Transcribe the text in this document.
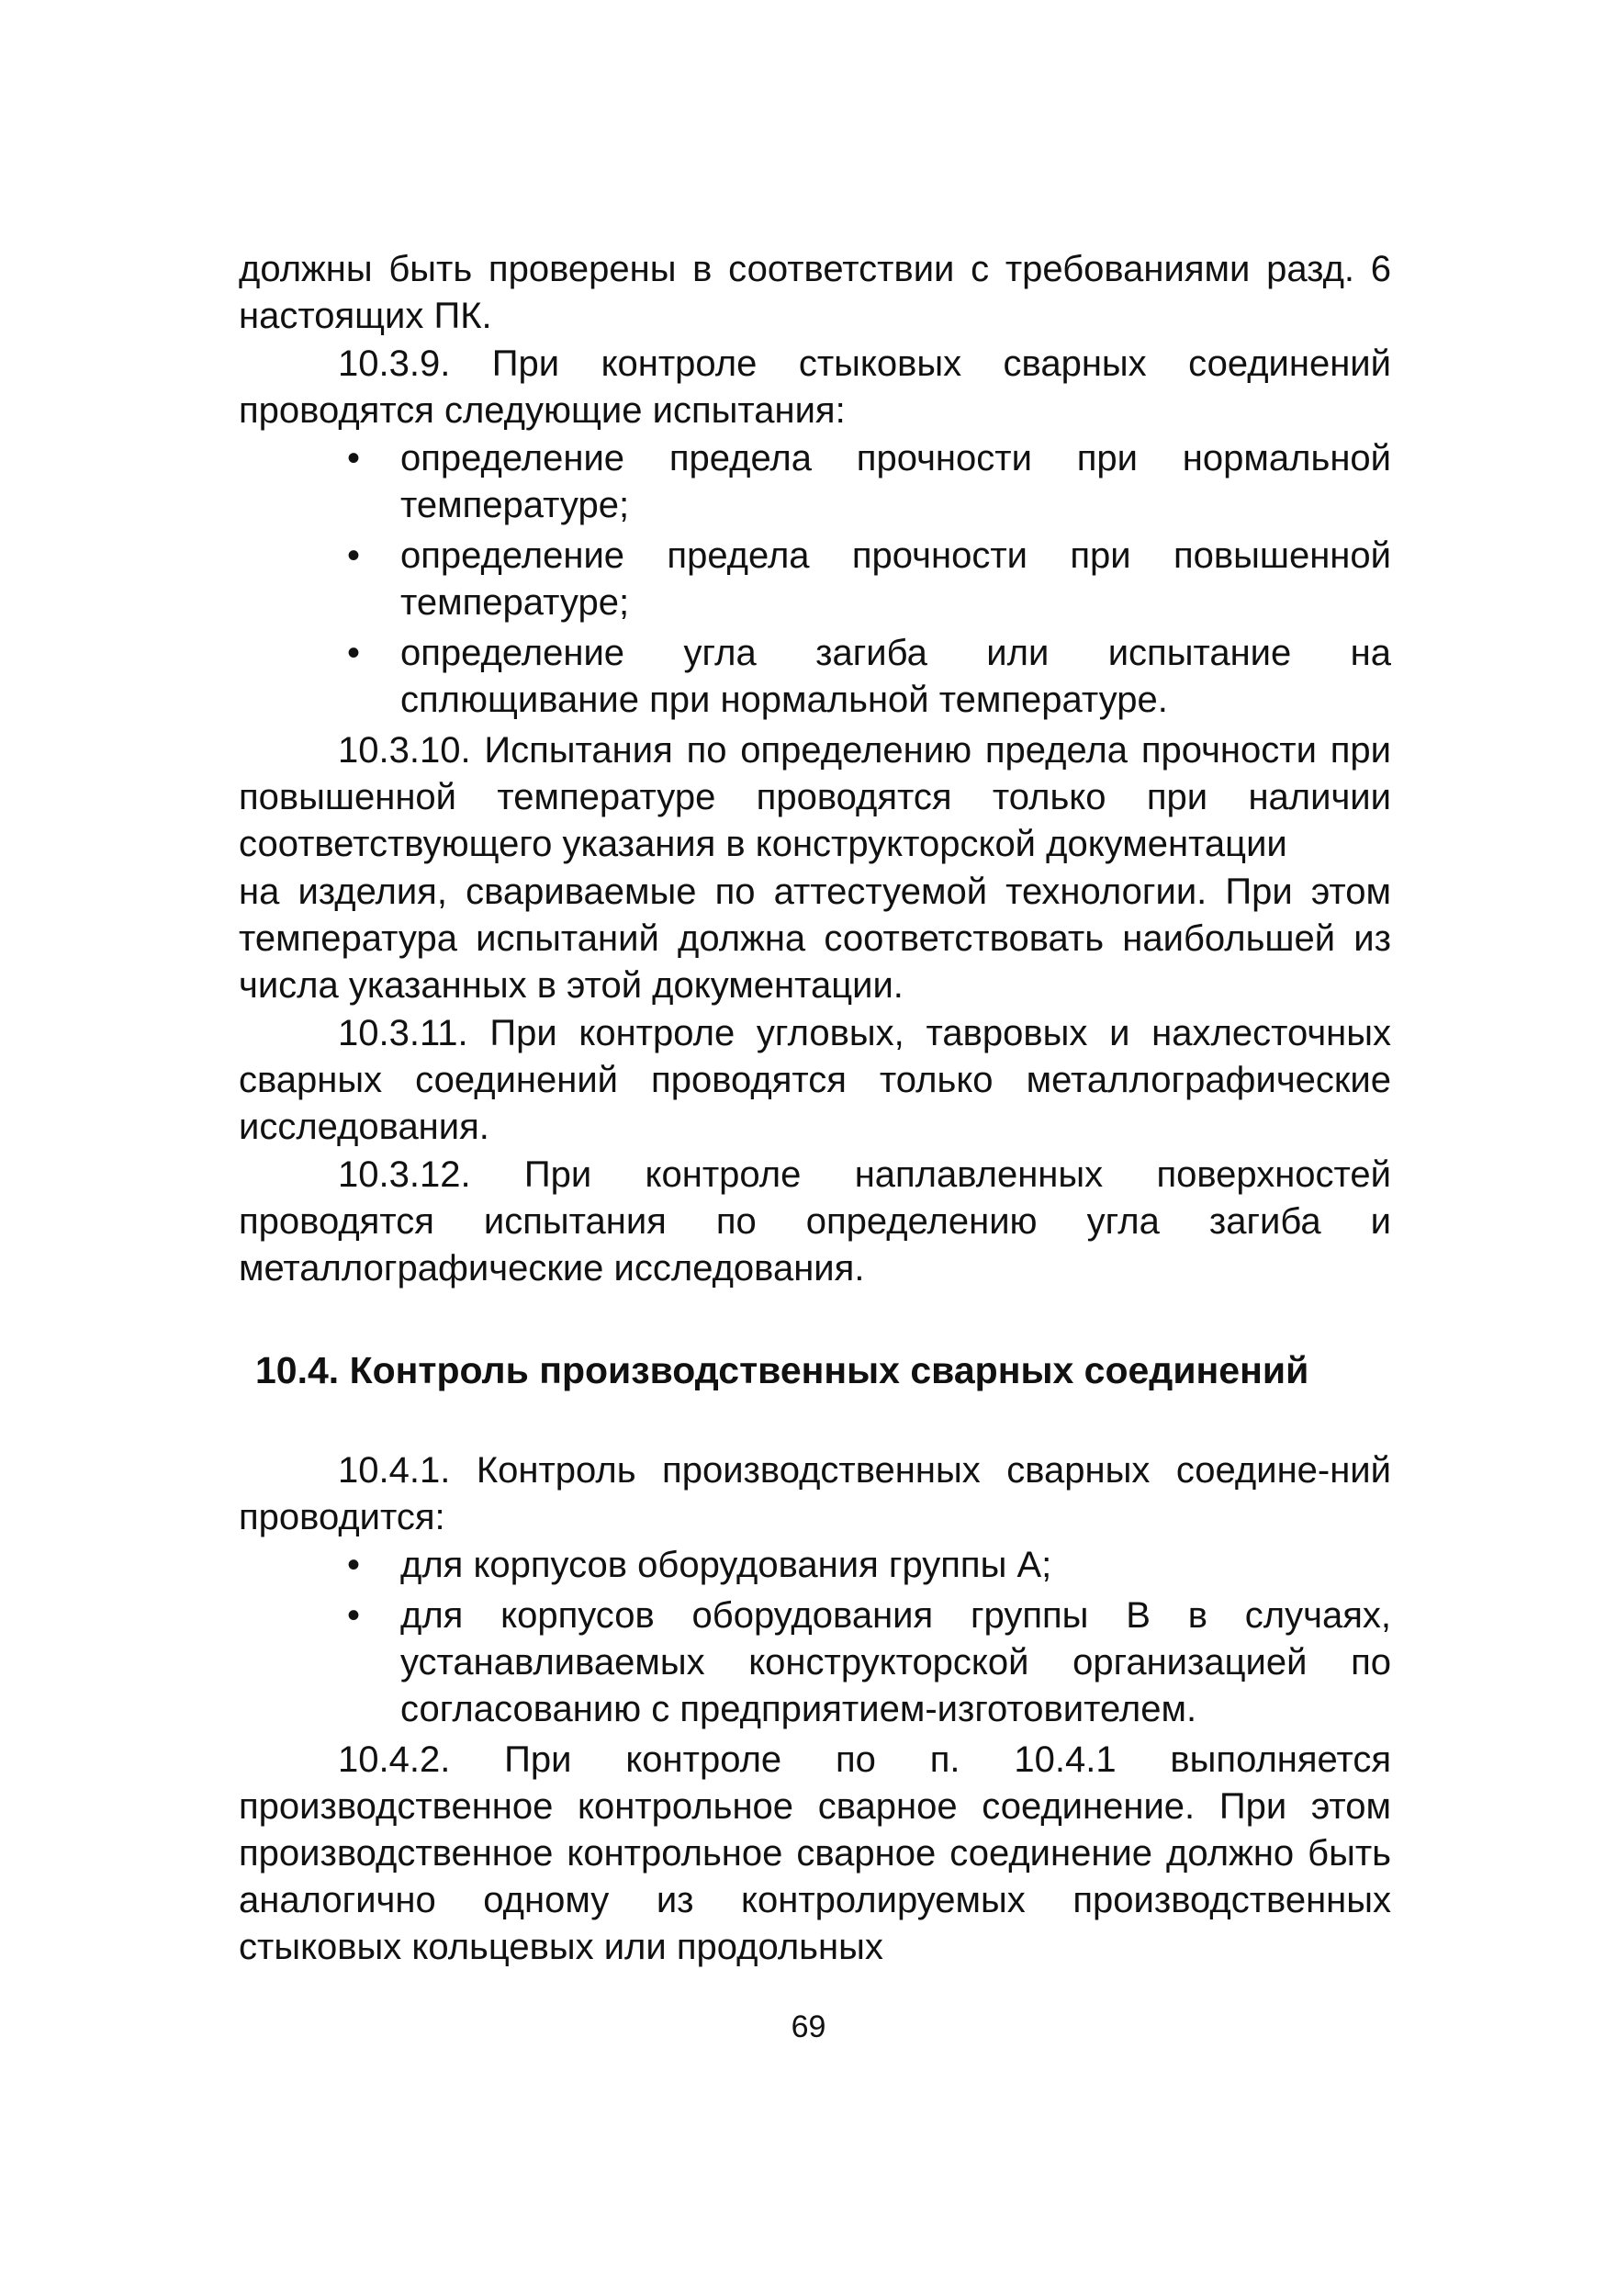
должны быть проверены в соответствии с требованиями разд. 6 настоящих ПК.

10.3.9. При контроле стыковых сварных соединений проводятся следующие испытания:

•	определение предела прочности при нормальной температуре;
•	определение предела прочности при повышенной температуре;
•	определение угла загиба или испытание на сплющивание при нормальной температуре.

10.3.10. Испытания по определению предела прочности при повышенной температуре проводятся только при наличии соответствующего указания в конструкторской документации

на изделия, свариваемые по аттестуемой технологии. При этом температура испытаний должна соответствовать наибольшей из числа указанных в этой документации.

10.3.11. При контроле угловых, тавровых и нахлесточных сварных соединений проводятся только металлографические исследования.

10.3.12. При контроле наплавленных поверхностей проводятся испытания по определению угла загиба и металлографические исследования.

10.4. Контроль производственных сварных соединений

10.4.1. Контроль производственных сварных соедине-ний проводится:

•	для корпусов оборудования группы А;
•	для корпусов оборудования группы В в случаях, устанавливаемых конструкторской организацией по согласованию с предприятием-изготовителем.

10.4.2. При контроле по п. 10.4.1 выполняется производственное контрольное сварное соединение. При этом производственное контрольное сварное соединение должно быть аналогично одному из контролируемых производственных стыковых кольцевых или продольных

69
